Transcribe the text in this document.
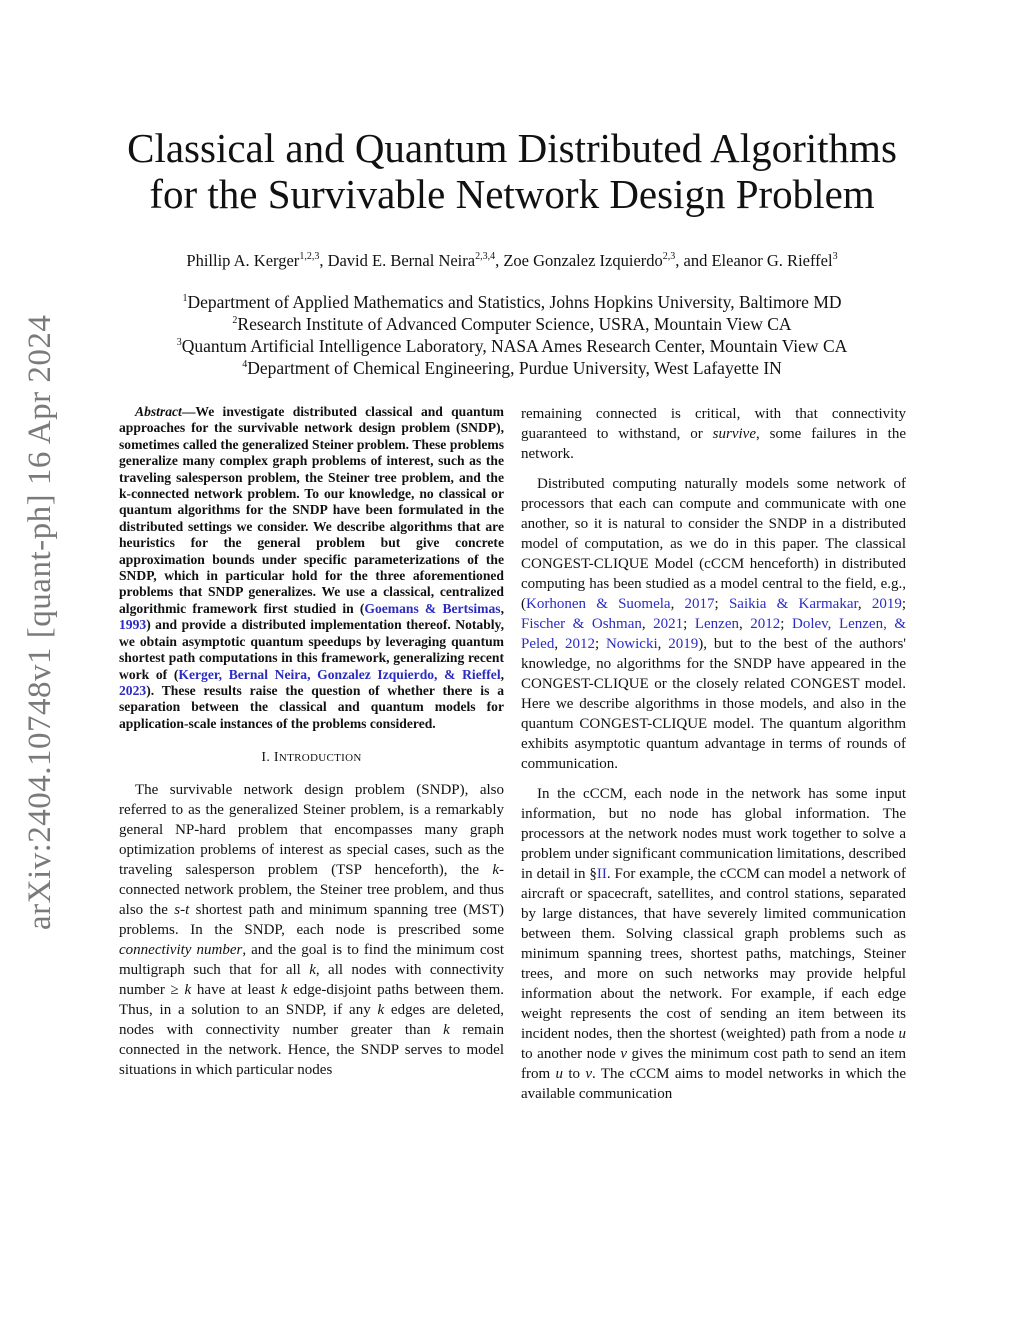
arXiv:2404.10748v1 [quant-ph] 16 Apr 2024
Classical and Quantum Distributed Algorithms
for the Survivable Network Design Problem
Phillip A. Kerger$^{1,2,3}$, David E. Bernal Neira$^{2,3,4}$, Zoe Gonzalez Izquierdo$^{2,3}$, and Eleanor G. Rieffel$^3$
$^1$Department of Applied Mathematics and Statistics, Johns Hopkins University, Baltimore MD
$^2$Research Institute of Advanced Computer Science, USRA, Mountain View CA
$^3$Quantum Artificial Intelligence Laboratory, NASA Ames Research Center, Mountain View CA
$^4$Department of Chemical Engineering, Purdue University, West Lafayette IN

Abstract—We investigate distributed classical and quantum approaches for the survivable network design problem (SNDP), sometimes called the generalized Steiner problem. These problems generalize many complex graph problems of interest, such as the traveling salesperson problem, the Steiner tree problem, and the k-connected network problem. To our knowledge, no classical or quantum algorithms for the SNDP have been formulated in the distributed settings we consider. We describe algorithms that are heuristics for the general problem but give concrete approximation bounds under specific parameterizations of the SNDP, which in particular hold for the three aforementioned problems that SNDP generalizes. We use a classical, centralized algorithmic framework first studied in (Goemans & Bertsimas, 1993) and provide a distributed implementation thereof. Notably, we obtain asymptotic quantum speedups by leveraging quantum shortest path computations in this framework, generalizing recent work of (Kerger, Bernal Neira, Gonzalez Izquierdo, & Rieffel, 2023). These results raise the question of whether there is a separation between the classical and quantum models for application-scale instances of the problems considered.

I. INTRODUCTION

The survivable network design problem (SNDP), also referred to as the generalized Steiner problem, is a remarkably general NP-hard problem that encompasses many graph optimization problems of interest as special cases, such as the traveling salesperson problem (TSP henceforth), the k-connected network problem, the Steiner tree problem, and thus also the s-t shortest path and minimum spanning tree (MST) problems. In the SNDP, each node is prescribed some connectivity number, and the goal is to find the minimum cost multigraph such that for all k, all nodes with connectivity number ≥ k have at least k edge-disjoint paths between them. Thus, in a solution to an SNDP, if any k edges are deleted, nodes with connectivity number greater than k remain connected in the network. Hence, the SNDP serves to model situations in which particular nodes

remaining connected is critical, with that connectivity guaranteed to withstand, or survive, some failures in the network.

Distributed computing naturally models some network of processors that each can compute and communicate with one another, so it is natural to consider the SNDP in a distributed model of computation, as we do in this paper. The classical CONGEST-CLIQUE Model (cCCM henceforth) in distributed computing has been studied as a model central to the field, e.g., (Korhonen & Suomela, 2017; Saikia & Karmakar, 2019; Fischer & Oshman, 2021; Lenzen, 2012; Dolev, Lenzen, & Peled, 2012; Nowicki, 2019), but to the best of the authors' knowledge, no algorithms for the SNDP have appeared in the CONGEST-CLIQUE or the closely related CONGEST model. Here we describe algorithms in those models, and also in the quantum CONGEST-CLIQUE model. The quantum algorithm exhibits asymptotic quantum advantage in terms of rounds of communication.

In the cCCM, each node in the network has some input information, but no node has global information. The processors at the network nodes must work together to solve a problem under significant communication limitations, described in detail in §II. For example, the cCCM can model a network of aircraft or spacecraft, satellites, and control stations, separated by large distances, that have severely limited communication between them. Solving classical graph problems such as minimum spanning trees, shortest paths, matchings, Steiner trees, and more on such networks may provide helpful information about the network. For example, if each edge weight represents the cost of sending an item between its incident nodes, then the shortest (weighted) path from a node u to another node v gives the minimum cost path to send an item from u to v. The cCCM aims to model networks in which the available communication
